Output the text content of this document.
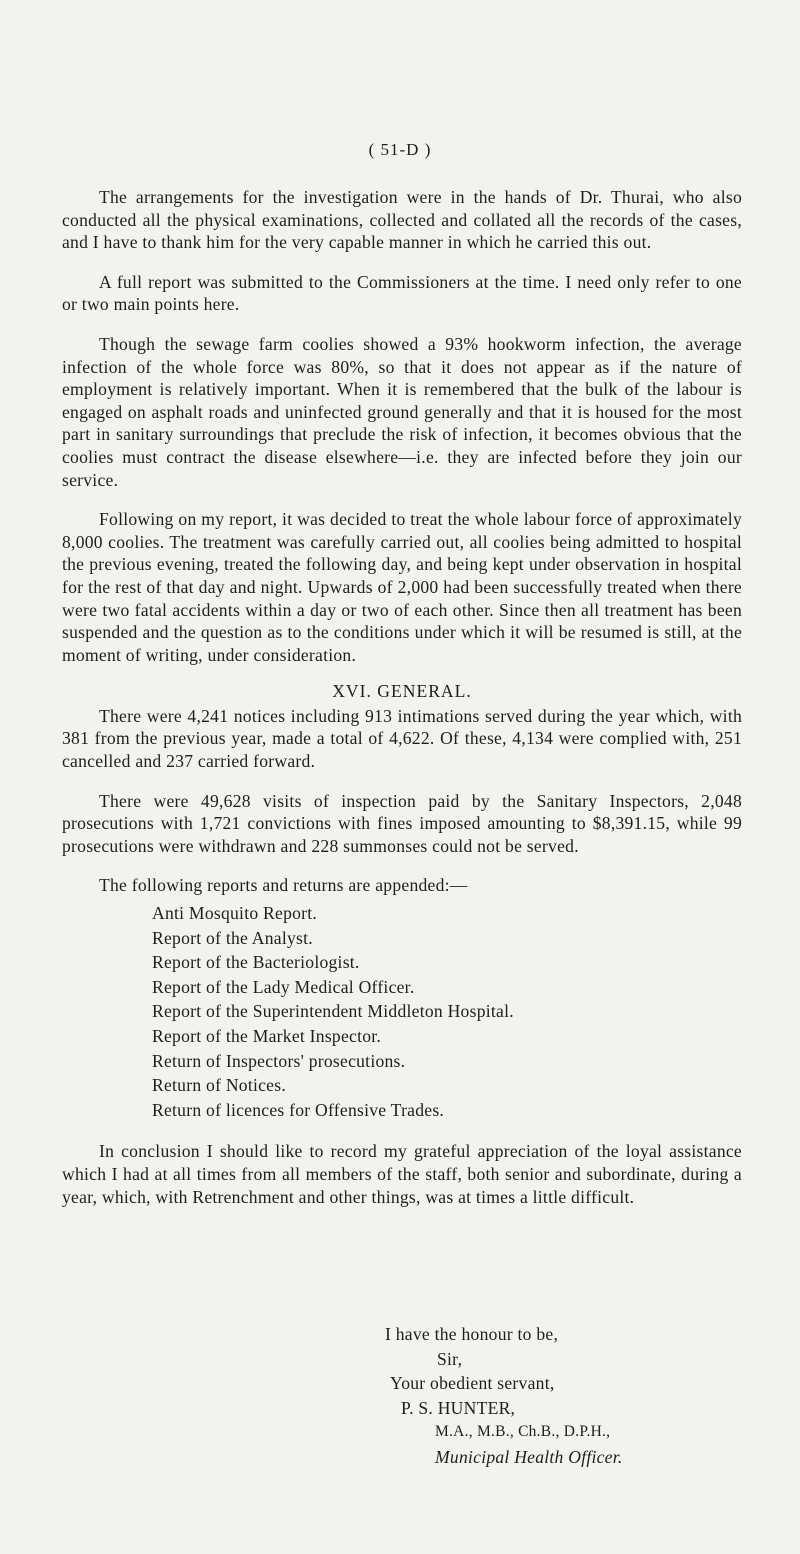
( 51-D )

The arrangements for the investigation were in the hands of Dr. Thurai, who also conducted all the physical examinations, collected and collated all the records of the cases, and I have to thank him for the very capable manner in which he carried this out.

A full report was submitted to the Commissioners at the time. I need only refer to one or two main points here.

Though the sewage farm coolies showed a 93% hookworm infection, the average infection of the whole force was 80%, so that it does not appear as if the nature of employment is relatively important. When it is remembered that the bulk of the labour is engaged on asphalt roads and uninfected ground generally and that it is housed for the most part in sanitary surroundings that preclude the risk of infection, it becomes obvious that the coolies must contract the disease elsewhere—i.e. they are infected before they join our service.

Following on my report, it was decided to treat the whole labour force of approximately 8,000 coolies. The treatment was carefully carried out, all coolies being admitted to hospital the previous evening, treated the following day, and being kept under observation in hospital for the rest of that day and night. Upwards of 2,000 had been successfully treated when there were two fatal accidents within a day or two of each other. Since then all treatment has been suspended and the question as to the conditions under which it will be resumed is still, at the moment of writing, under consideration.

XVI. GENERAL.

There were 4,241 notices including 913 intimations served during the year which, with 381 from the previous year, made a total of 4,622. Of these, 4,134 were complied with, 251 cancelled and 237 carried forward.

There were 49,628 visits of inspection paid by the Sanitary Inspectors, 2,048 prosecutions with 1,721 convictions with fines imposed amounting to $8,391.15, while 99 prosecutions were withdrawn and 228 summonses could not be served.

The following reports and returns are appended:—

Anti Mosquito Report.
Report of the Analyst.
Report of the Bacteriologist.
Report of the Lady Medical Officer.
Report of the Superintendent Middleton Hospital.
Report of the Market Inspector.
Return of Inspectors' prosecutions.
Return of Notices.
Return of licences for Offensive Trades.

In conclusion I should like to record my grateful appreciation of the loyal assistance which I had at all times from all members of the staff, both senior and subordinate, during a year, which, with Retrenchment and other things, was at times a little difficult.

I have the honour to be,
Sir,
Your obedient servant,
P. S. HUNTER,
M.A., M.B., Ch.B., D.P.H.,
Municipal Health Officer.
